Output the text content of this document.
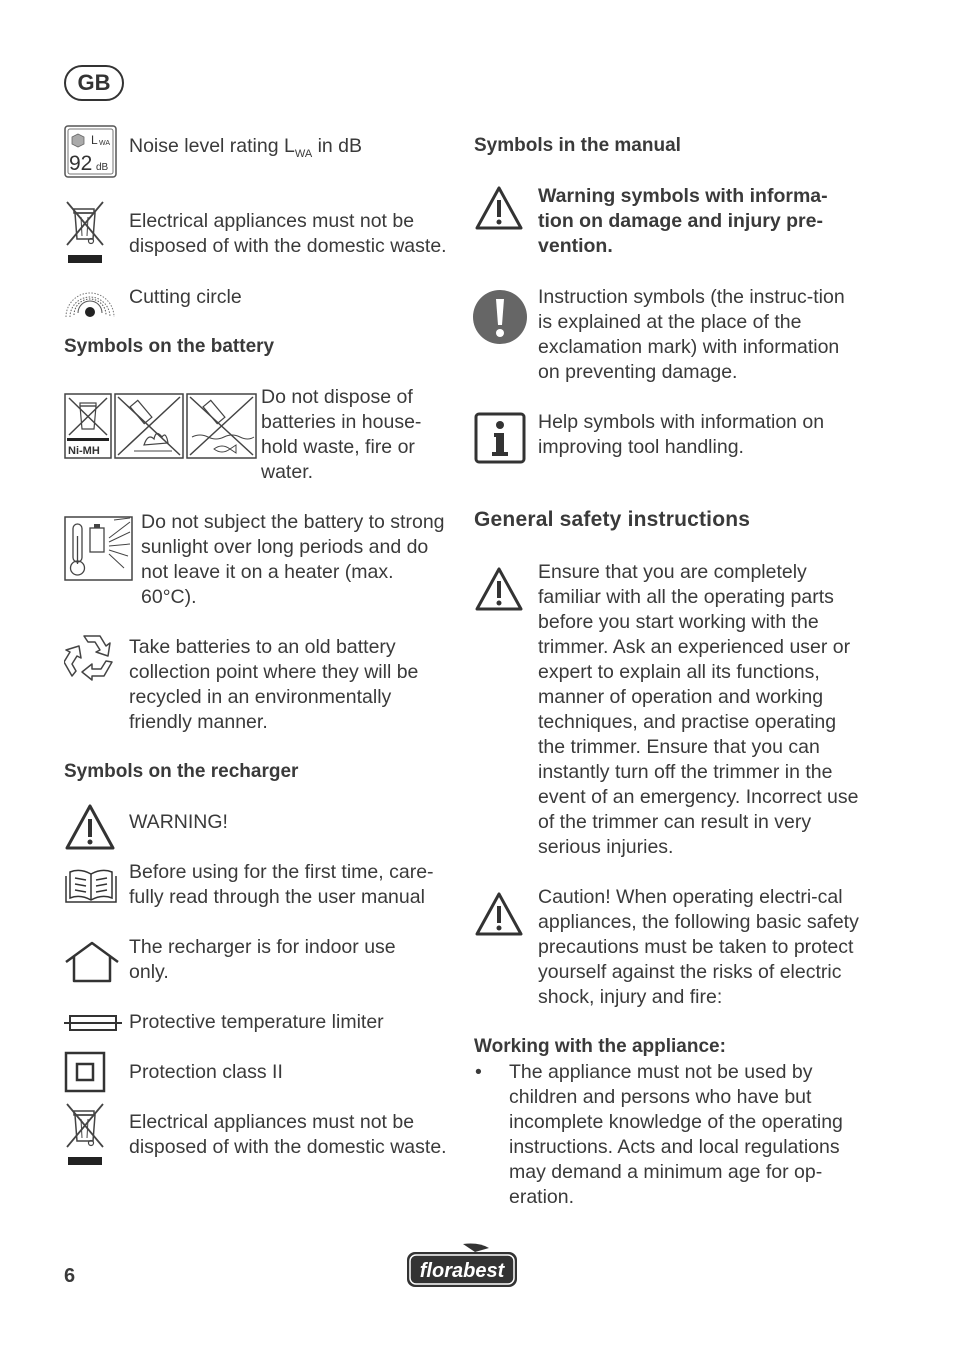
GB
L WA
92 dB
Noise level rating $L_{WA}$ in dB
Electrical appliances must not be disposed of with the domestic waste.
Cutting circle
Symbols on the battery
Ni-MH
Do not dispose of batteries in house-hold waste, fire or water.
Do not subject the battery to strong sunlight over long periods and do not leave it on a heater (max. 60°C).
Take batteries to an old battery collection point where they will be recycled in an environmentally friendly manner.
Symbols on the recharger
WARNING!
Before using for the first time, care-fully read through the user manual
The recharger is for indoor use only.
Protective temperature limiter
Protection class II
Electrical appliances must not be disposed of with the domestic waste.
Symbols in the manual
Warning symbols with informa-tion on damage and injury pre-vention.
Instruction symbols (the instruc-tion is explained at the place of the exclamation mark) with information on preventing damage.
Help symbols with information on improving tool handling.
General safety instructions
Ensure that you are completely familiar with all the operating parts before you start working with the trimmer. Ask an experienced user or expert to explain all its functions, manner of operation and working techniques, and practise operating the trimmer. Ensure that you can instantly turn off the trimmer in the event of an emergency. Incorrect use of the trimmer can result in very serious injuries.
Caution! When operating electri-cal appliances, the following basic safety precautions must be taken to protect yourself against the risks of electric shock, injury and fire:
Working with the appliance:
• The appliance must not be used by children and persons who have but incomplete knowledge of the operating instructions. Acts and local regulations may demand a minimum age for op-eration.
6	florabest
